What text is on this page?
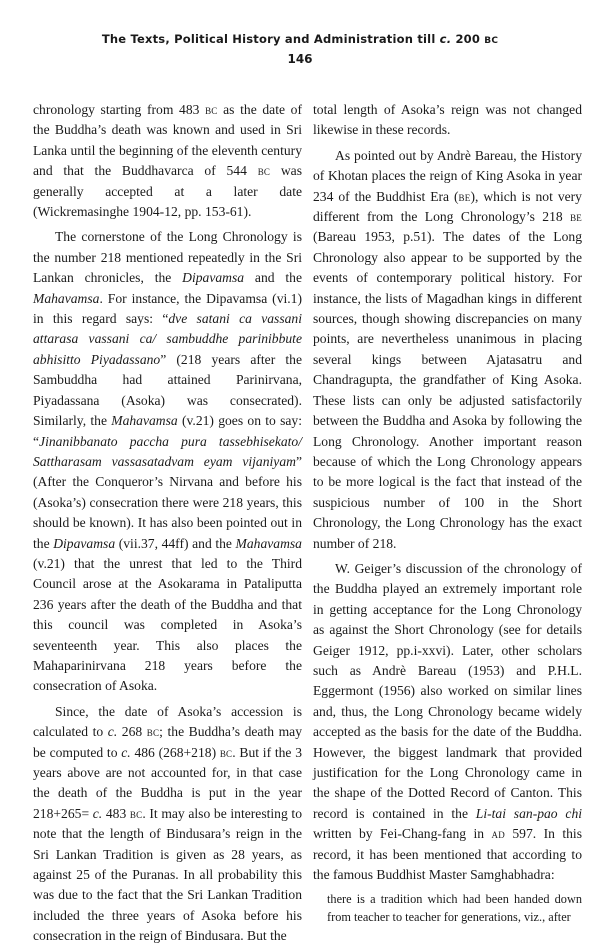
The Texts, Political History and Administration till c. 200 bc
146

chronology starting from 483 bc as the date of the Buddha’s death was known and used in Sri Lanka until the beginning of the eleventh century and that the Buddhavarca of 544 bc was generally accepted at a later date (Wickremasinghe 1904-12, pp. 153-61).

The cornerstone of the Long Chronology is the number 218 mentioned repeatedly in the Sri Lankan chronicles, the Dipavamsa and the Mahavamsa. For instance, the Dipavamsa (vi.1) in this regard says: “dve satani ca vassani attarasa vassani ca/ sambuddhe parinibbute abhisitto Piyadassano” (218 years after the Sambuddha had attained Parinirvana, Piyadassana (Asoka) was consecrated). Similarly, the Mahavamsa (v.21) goes on to say: “Jinanibbanato paccha pura tassebhisekato/ Sattharasam vassasatadvam eyam vijaniyam” (After the Conqueror’s Nirvana and before his (Asoka’s) consecration there were 218 years, this should be known). It has also been pointed out in the Dipavamsa (vii.37, 44ff) and the Mahavamsa (v.21) that the unrest that led to the Third Council arose at the Asokarama in Pataliputta 236 years after the death of the Buddha and that this council was completed in Asoka’s seventeenth year. This also places the Mahaparinirvana 218 years before the consecration of Asoka.

Since, the date of Asoka’s accession is calculated to c. 268 bc; the Buddha’s death may be computed to c. 486 (268+218) bc. But if the 3 years above are not accounted for, in that case the death of the Buddha is put in the year 218+265= c. 483 bc. It may also be interesting to note that the length of Bindusara’s reign in the Sri Lankan Tradition is given as 28 years, as against 25 of the Puranas. In all probability this was due to the fact that the Sri Lankan Tradition included the three years of Asoka before his consecration in the reign of Bindusara. But the

total length of Asoka’s reign was not changed likewise in these records.

As pointed out by Andrè Bareau, the History of Khotan places the reign of King Asoka in year 234 of the Buddhist Era (be), which is not very different from the Long Chronology’s 218 be (Bareau 1953, p.51). The dates of the Long Chronology also appear to be supported by the events of contemporary political history. For instance, the lists of Magadhan kings in different sources, though showing discrepancies on many points, are nevertheless unanimous in placing several kings between Ajatasatru and Chandragupta, the grandfather of King Asoka. These lists can only be adjusted satisfactorily between the Buddha and Asoka by following the Long Chronology. Another important reason because of which the Long Chronology appears to be more logical is the fact that instead of the suspicious number of 100 in the Short Chronology, the Long Chronology has the exact number of 218.

W. Geiger’s discussion of the chronology of the Buddha played an extremely important role in getting acceptance for the Long Chronology as against the Short Chronology (see for details Geiger 1912, pp.i-xxvi). Later, other scholars such as Andrè Bareau (1953) and P.H.L. Eggermont (1956) also worked on similar lines and, thus, the Long Chronology became widely accepted as the basis for the date of the Buddha. However, the biggest landmark that provided justification for the Long Chronology came in the shape of the Dotted Record of Canton. This record is contained in the Li-tai san-pao chi written by Fei-Chang-fang in ad 597. In this record, it has been mentioned that according to the famous Buddhist Master Samghabhadra:

there is a tradition which had been handed down from teacher to teacher for generations, viz., after
